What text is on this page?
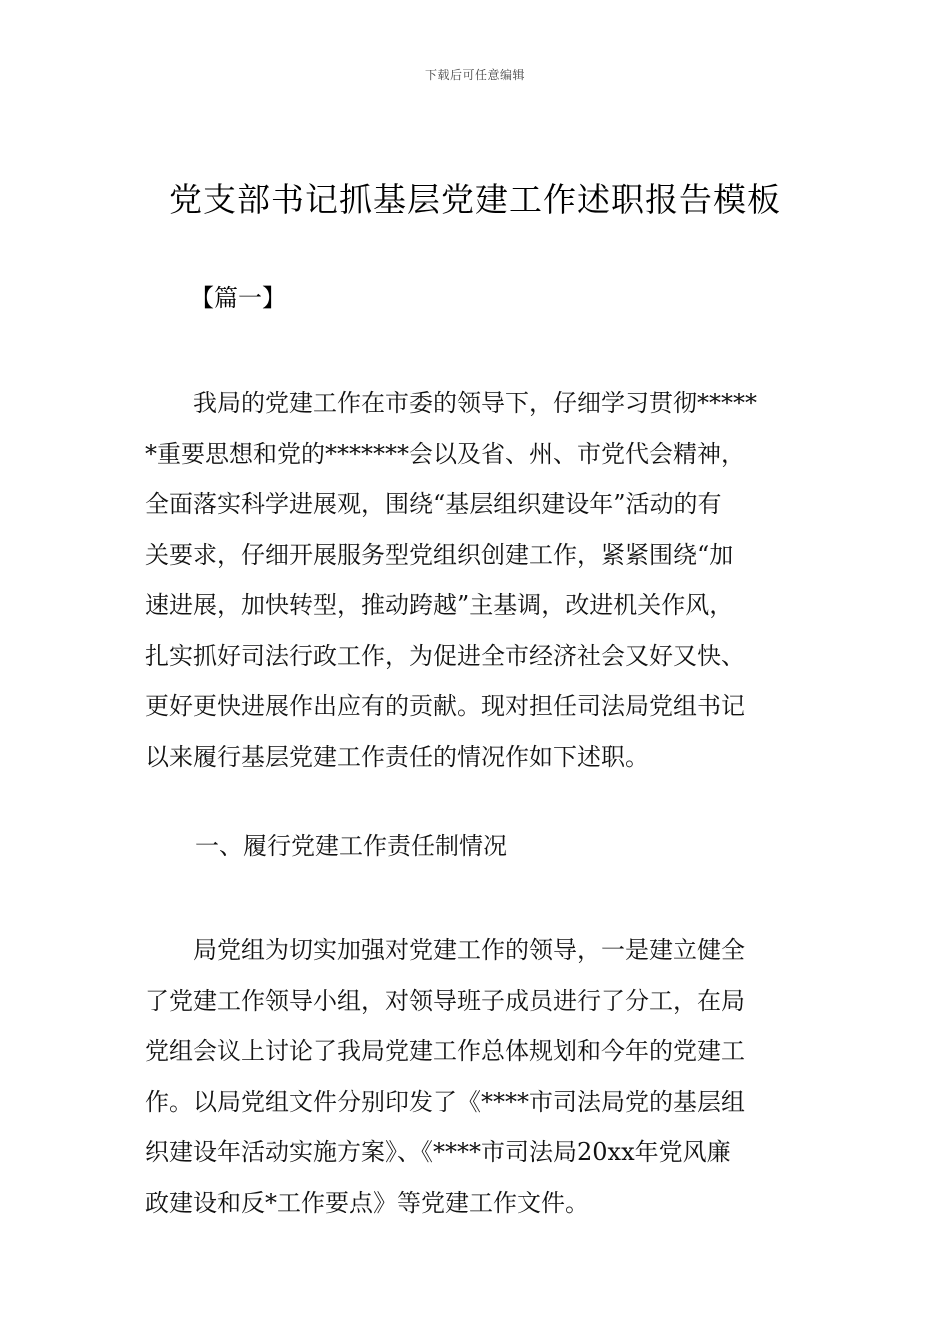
下载后可任意编辑
党支部书记抓基层党建工作述职报告模板
【篇一】

　　我局的党建工作在市委的领导下，仔细学习贯彻*****
*重要思想和党的*******会以及省、州、市党代会精神，
全面落实科学进展观，围绕“基层组织建设年”活动的有
关要求，仔细开展服务型党组织创建工作，紧紧围绕“加
速进展，加快转型，推动跨越”主基调，改进机关作风，
扎实抓好司法行政工作，为促进全市经济社会又好又快、
更好更快进展作出应有的贡献。现对担任司法局党组书记
以来履行基层党建工作责任的情况作如下述职。

一、履行党建工作责任制情况

　　局党组为切实加强对党建工作的领导，一是建立健全
了党建工作领导小组，对领导班子成员进行了分工，在局
党组会议上讨论了我局党建工作总体规划和今年的党建工
作。以局党组文件分别印发了《****市司法局党的基层组
织建设年活动实施方案》、《****市司法局20xx年党风廉
政建设和反*工作要点》等党建工作文件。
